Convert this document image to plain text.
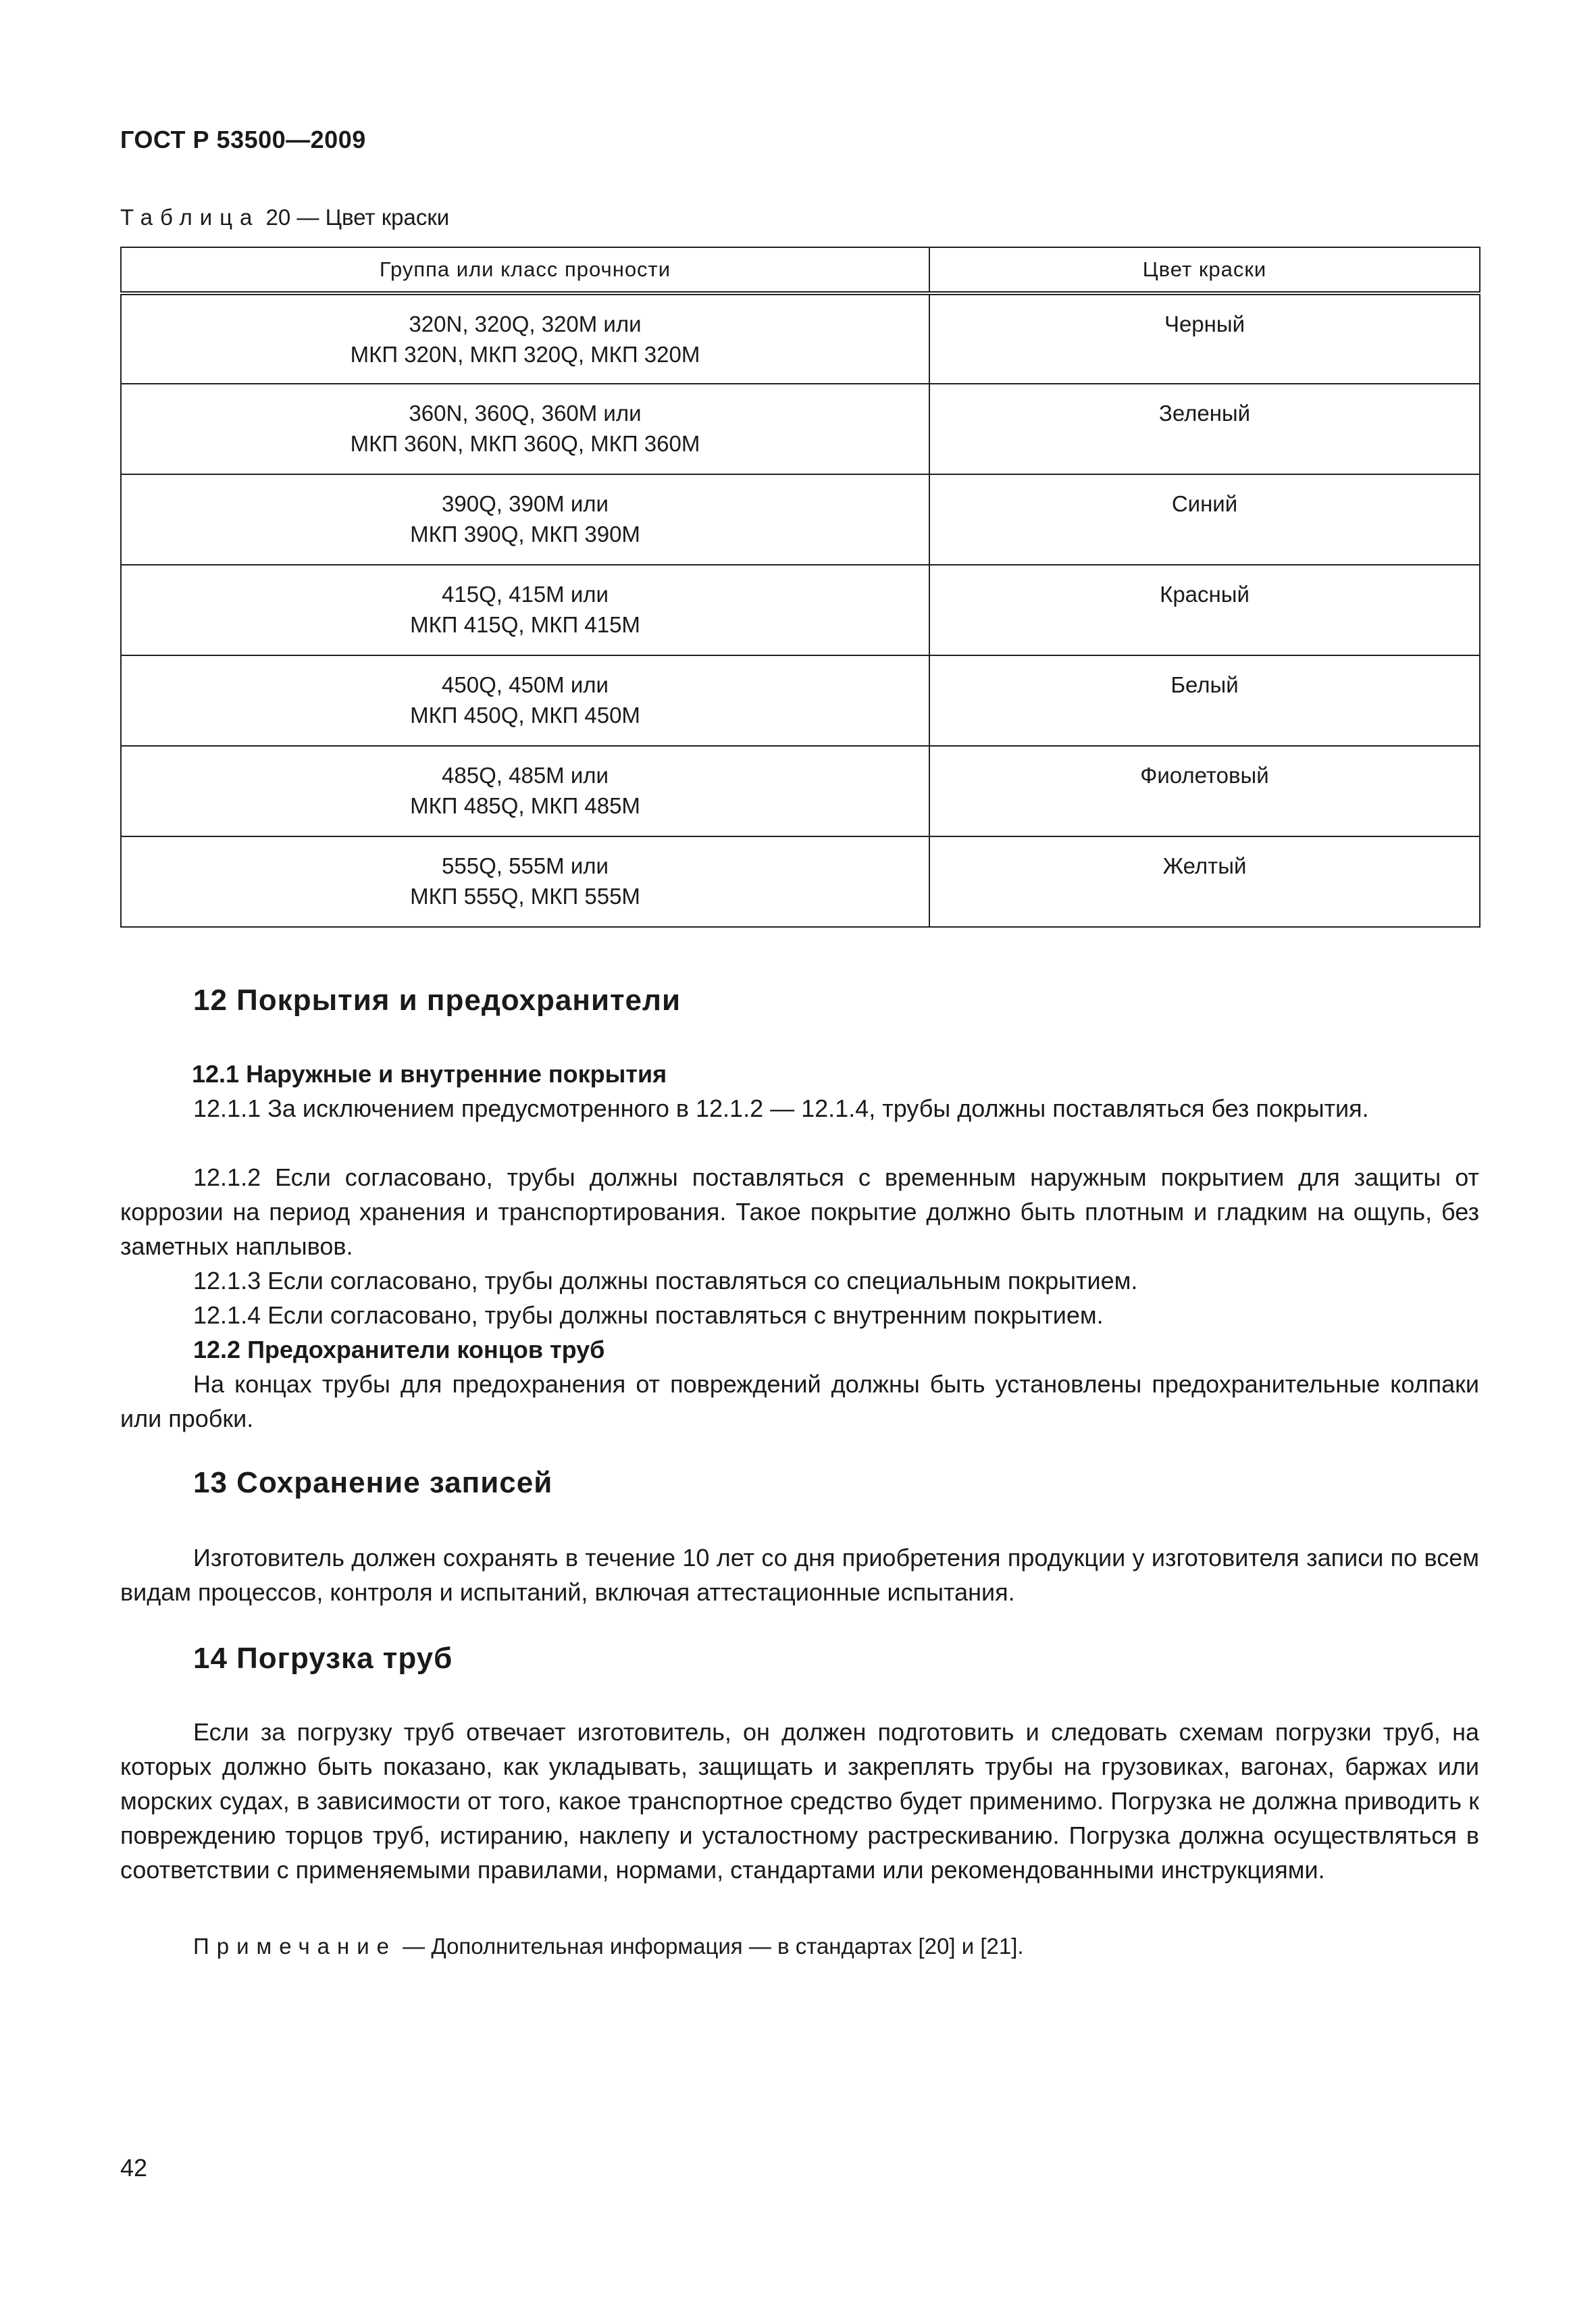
ГОСТ Р 53500—2009
Таблица 20 — Цвет краски
Группа или класс прочности	Цвет краски

320N, 320Q, 320M или
МКП 320N, МКП 320Q, МКП 320M	Черный

360N, 360Q, 360M или
МКП 360N, МКП 360Q, МКП 360M	Зеленый

390Q, 390M или
МКП 390Q, МКП 390M	Синий

415Q, 415M или
МКП 415Q, МКП 415M	Красный

450Q, 450M или
МКП 450Q, МКП 450M	Белый

485Q, 485M или
МКП 485Q, МКП 485M	Фиолетовый

555Q, 555M или
МКП 555Q, МКП 555M	Желтый
12 Покрытия и предохранители

12.1 Наружные и внутренние покрытия

12.1.1 За исключением предусмотренного в 12.1.2 — 12.1.4, трубы должны поставляться без покрытия.

12.1.2 Если согласовано, трубы должны поставляться с временным наружным покрытием для защиты от коррозии на период хранения и транспортирования. Такое покрытие должно быть плотным и гладким на ощупь, без заметных наплывов.

12.1.3 Если согласовано, трубы должны поставляться со специальным покрытием.

12.1.4 Если согласовано, трубы должны поставляться с внутренним покрытием.

12.2 Предохранители концов труб

На концах трубы для предохранения от повреждений должны быть установлены предохранительные колпаки или пробки.

13 Сохранение записей

Изготовитель должен сохранять в течение 10 лет со дня приобретения продукции у изготовителя записи по всем видам процессов, контроля и испытаний, включая аттестационные испытания.

14 Погрузка труб

Если за погрузку труб отвечает изготовитель, он должен подготовить и следовать схемам погрузки труб, на которых должно быть показано, как укладывать, защищать и закреплять трубы на грузовиках, вагонах, баржах или морских судах, в зависимости от того, какое транспортное средство будет применимо. Погрузка не должна приводить к повреждению торцов труб, истиранию, наклепу и усталостному растрескиванию. Погрузка должна осуществляться в соответствии с применяемыми правилами, нормами, стандартами или рекомендованными инструкциями.

Примечание — Дополнительная информация — в стандартах [20] и [21].
42
